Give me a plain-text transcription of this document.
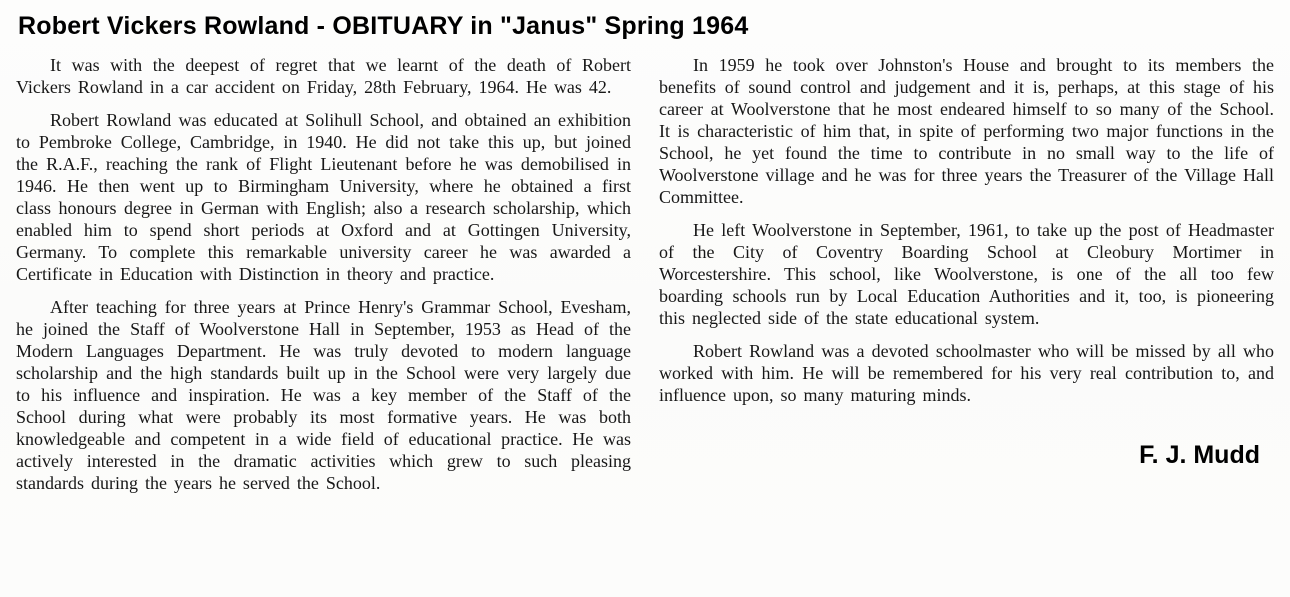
Robert Vickers Rowland - OBITUARY in "Janus" Spring 1964

It was with the deepest of regret that we learnt of the death of Robert Vickers Rowland in a car accident on Friday, 28th February, 1964. He was 42.

Robert Rowland was educated at Solihull School, and obtained an exhibition to Pembroke College, Cambridge, in 1940. He did not take this up, but joined the R.A.F., reaching the rank of Flight Lieutenant before he was demobilised in 1946. He then went up to Birmingham University, where he obtained a first class honours degree in German with English; also a research scholarship, which enabled him to spend short periods at Oxford and at Gottingen University, Germany. To complete this remarkable university career he was awarded a Certificate in Education with Distinction in theory and practice.

After teaching for three years at Prince Henry's Grammar School, Evesham, he joined the Staff of Woolverstone Hall in September, 1953 as Head of the Modern Languages Department. He was truly devoted to modern language scholarship and the high standards built up in the School were very largely due to his influence and inspiration. He was a key member of the Staff of the School during what were probably its most formative years. He was both knowledgeable and competent in a wide field of educational practice. He was actively interested in the dramatic activities which grew to such pleasing standards during the years he served the School.

In 1959 he took over Johnston's House and brought to its members the benefits of sound control and judgement and it is, perhaps, at this stage of his career at Woolverstone that he most endeared himself to so many of the School. It is characteristic of him that, in spite of performing two major functions in the School, he yet found the time to contribute in no small way to the life of Woolverstone village and he was for three years the Treasurer of the Village Hall Committee.

He left Woolverstone in September, 1961, to take up the post of Headmaster of the City of Coventry Boarding School at Cleobury Mortimer in Worcestershire. This school, like Woolverstone, is one of the all too few boarding schools run by Local Education Authorities and it, too, is pioneering this neglected side of the state educational system.

Robert Rowland was a devoted schoolmaster who will be missed by all who worked with him. He will be remembered for his very real contribution to, and influence upon, so many maturing minds.

F. J. Mudd
